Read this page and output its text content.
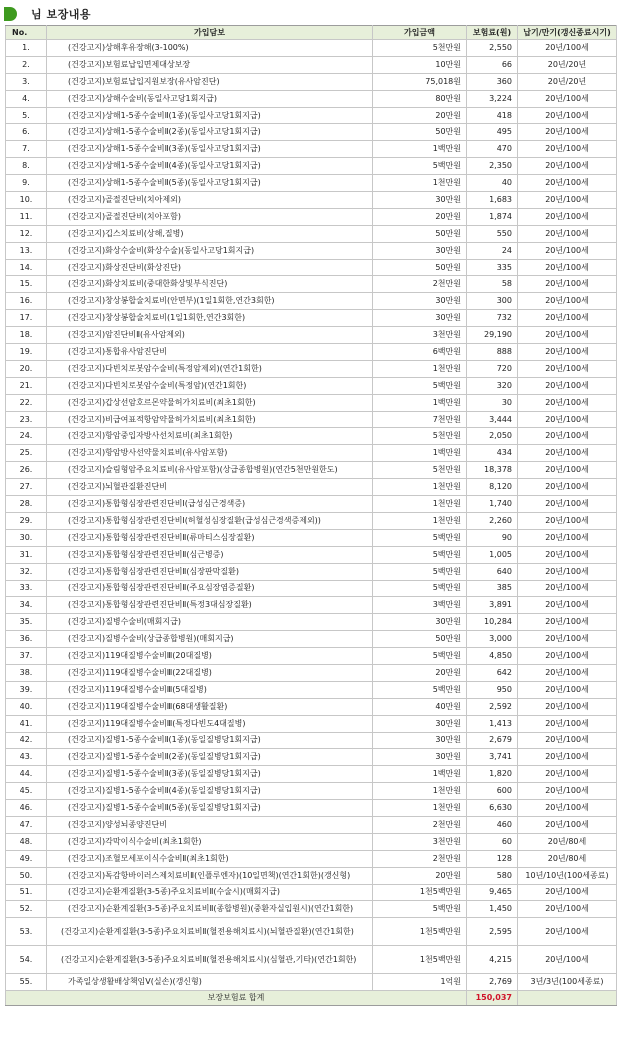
님 보장내용
No.	가입담보	가입금액	보험료(원)	납기/만기(갱신종료시기)
1.	(건강고지)상해후유장해(3-100%)	5천만원	2,550	20년/100세
2.	(건강고지)보험료납입면제대상보장	10만원	66	20년/20년
3.	(건강고지)보험료납입지원보장(유사암진단)	75,018원	360	20년/20년
4.	(건강고지)상해수술비(동일사고당1회지급)	80만원	3,224	20년/100세
5.	(건강고지)상해1-5종수술비Ⅱ(1종)(동일사고당1회지급)	20만원	418	20년/100세
6.	(건강고지)상해1-5종수술비Ⅱ(2종)(동일사고당1회지급)	50만원	495	20년/100세
7.	(건강고지)상해1-5종수술비Ⅱ(3종)(동일사고당1회지급)	1백만원	470	20년/100세
8.	(건강고지)상해1-5종수술비Ⅱ(4종)(동일사고당1회지급)	5백만원	2,350	20년/100세
9.	(건강고지)상해1-5종수술비Ⅱ(5종)(동일사고당1회지급)	1천만원	40	20년/100세
10.	(건강고지)골절진단비(치아제외)	30만원	1,683	20년/100세
11.	(건강고지)골절진단비(치아포함)	20만원	1,874	20년/100세
12.	(건강고지)깁스치료비(상해,질병)	50만원	550	20년/100세
13.	(건강고지)화상수술비(화상수술)(동일사고당1회지급)	30만원	24	20년/100세
14.	(건강고지)화상진단비(화상진단)	50만원	335	20년/100세
15.	(건강고지)화상치료비(중대한화상및부식진단)	2천만원	58	20년/100세
16.	(건강고지)창상봉합술치료비(안면부)(1일1회한,연간3회한)	30만원	300	20년/100세
17.	(건강고지)창상봉합술치료비(1일1회한,연간3회한)	30만원	732	20년/100세
18.	(건강고지)암진단비Ⅱ(유사암제외)	3천만원	29,190	20년/100세
19.	(건강고지)통합유사암진단비	6백만원	888	20년/100세
20.	(건강고지)다빈치로봇암수술비(특정암제외)(연간1회한)	1천만원	720	20년/100세
21.	(건강고지)다빈치로봇암수술비(특정암)(연간1회한)	5백만원	320	20년/100세
22.	(건강고지)갑상선암호르몬약물허가치료비(최초1회한)	1백만원	30	20년/100세
23.	(건강고지)비급여표적항암약물허가치료비(최초1회한)	7천만원	3,444	20년/100세
24.	(건강고지)항암중입자방사선치료비(최초1회한)	5천만원	2,050	20년/100세
25.	(건강고지)항암방사선약물치료비(유사암포함)	1백만원	434	20년/100세
26.	(건강고지)슬림형암주요치료비(유사암포함)(상급종합병원)(연간5천만원한도)	5천만원	18,378	20년/100세
27.	(건강고지)뇌혈관질환진단비	1천만원	8,120	20년/100세
28.	(건강고지)통합형심장관련진단비Ⅰ(급성심근경색증)	1천만원	1,740	20년/100세
29.	(건강고지)통합형심장관련진단비Ⅰ(허혈성심장질환(급성심근경색증제외))	1천만원	2,260	20년/100세
30.	(건강고지)통합형심장관련진단비Ⅱ(류마티스심장질환)	5백만원	90	20년/100세
31.	(건강고지)통합형심장관련진단비Ⅱ(심근병증)	5백만원	1,005	20년/100세
32.	(건강고지)통합형심장관련진단비Ⅱ(심장판막질환)	5백만원	640	20년/100세
33.	(건강고지)통합형심장관련진단비Ⅱ(주요심장염증질환)	5백만원	385	20년/100세
34.	(건강고지)통합형심장관련진단비Ⅱ(특정3대심장질환)	3백만원	3,891	20년/100세
35.	(건강고지)질병수술비(매회지급)	30만원	10,284	20년/100세
36.	(건강고지)질병수술비(상급종합병원)(매회지급)	50만원	3,000	20년/100세
37.	(건강고지)119대질병수술비Ⅲ(20대질병)	5백만원	4,850	20년/100세
38.	(건강고지)119대질병수술비Ⅲ(22대질병)	20만원	642	20년/100세
39.	(건강고지)119대질병수술비Ⅲ(5대질병)	5백만원	950	20년/100세
40.	(건강고지)119대질병수술비Ⅲ(68대생활질환)	40만원	2,592	20년/100세
41.	(건강고지)119대질병수술비Ⅲ(특정다빈도4대질병)	30만원	1,413	20년/100세
42.	(건강고지)질병1-5종수술비Ⅱ(1종)(동일질병당1회지급)	30만원	2,679	20년/100세
43.	(건강고지)질병1-5종수술비Ⅱ(2종)(동일질병당1회지급)	30만원	3,741	20년/100세
44.	(건강고지)질병1-5종수술비Ⅱ(3종)(동일질병당1회지급)	1백만원	1,820	20년/100세
45.	(건강고지)질병1-5종수술비Ⅱ(4종)(동일질병당1회지급)	1천만원	600	20년/100세
46.	(건강고지)질병1-5종수술비Ⅱ(5종)(동일질병당1회지급)	1천만원	6,630	20년/100세
47.	(건강고지)양성뇌종양진단비	2천만원	460	20년/100세
48.	(건강고지)각막이식수술비(최초1회한)	3천만원	60	20년/80세
49.	(건강고지)조혈모세포이식수술비Ⅱ(최초1회한)	2천만원	128	20년/80세
50.	(건강고지)독감항바이러스제치료비Ⅱ(인플루엔자)(10일면책)(연간1회한)(갱신형)	20만원	580	10년/10년(100세종료)
51.	(건강고지)순환계질환(3-5종)주요치료비Ⅱ(수술시)(매회지급)	1천5백만원	9,465	20년/100세
52.	(건강고지)순환계질환(3-5종)주요치료비Ⅱ(종합병원)(중환자실입원시)(연간1회한)	5백만원	1,450	20년/100세
53.	(건강고지)순환계질환(3-5종)주요치료비Ⅱ(혈전용해치료시)(뇌혈관질환)(연간1회한)	1천5백만원	2,595	20년/100세
54.	(건강고지)순환계질환(3-5종)주요치료비Ⅱ(혈전용해치료시)(심혈관,기타)(연간1회한)	1천5백만원	4,215	20년/100세
55.	가족일상생활배상책임Ⅴ(실손)(갱신형)	1억원	2,769	3년/3년(100세종료)
보장보험료 합계			150,037	
